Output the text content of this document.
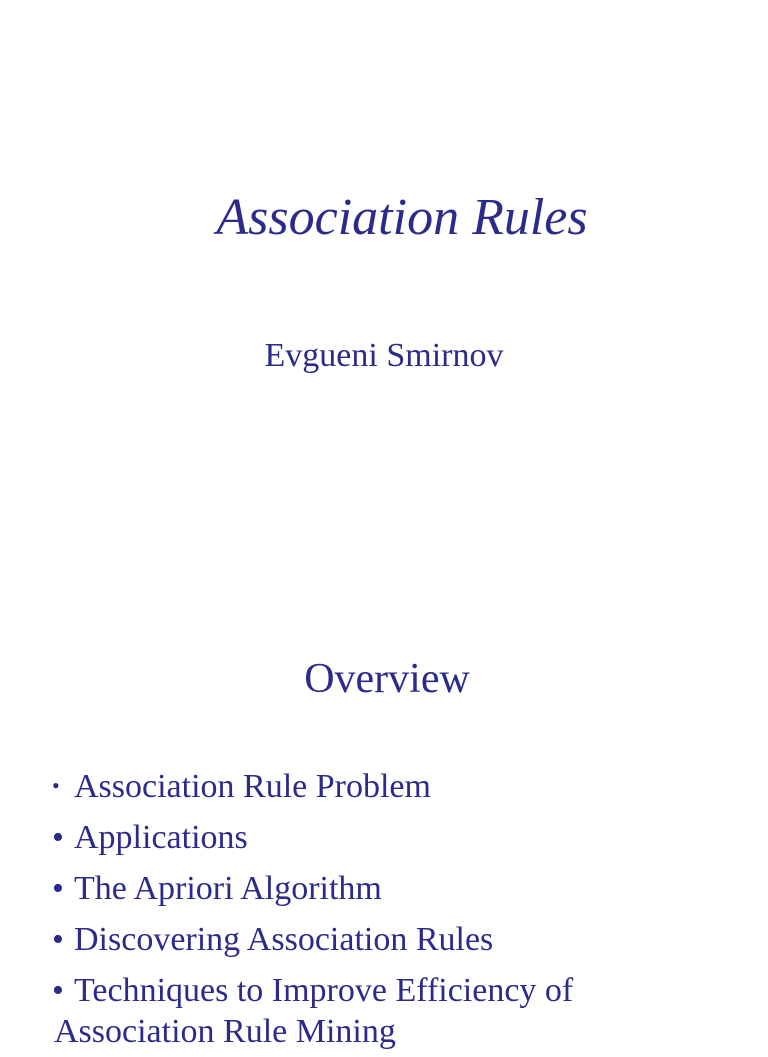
Association Rules

Evgueni Smirnov

Overview
• Association Rule Problem
• Applications
• The Apriori Algorithm
• Discovering Association Rules
• Techniques to Improve Efficiency of
Association Rule Mining
